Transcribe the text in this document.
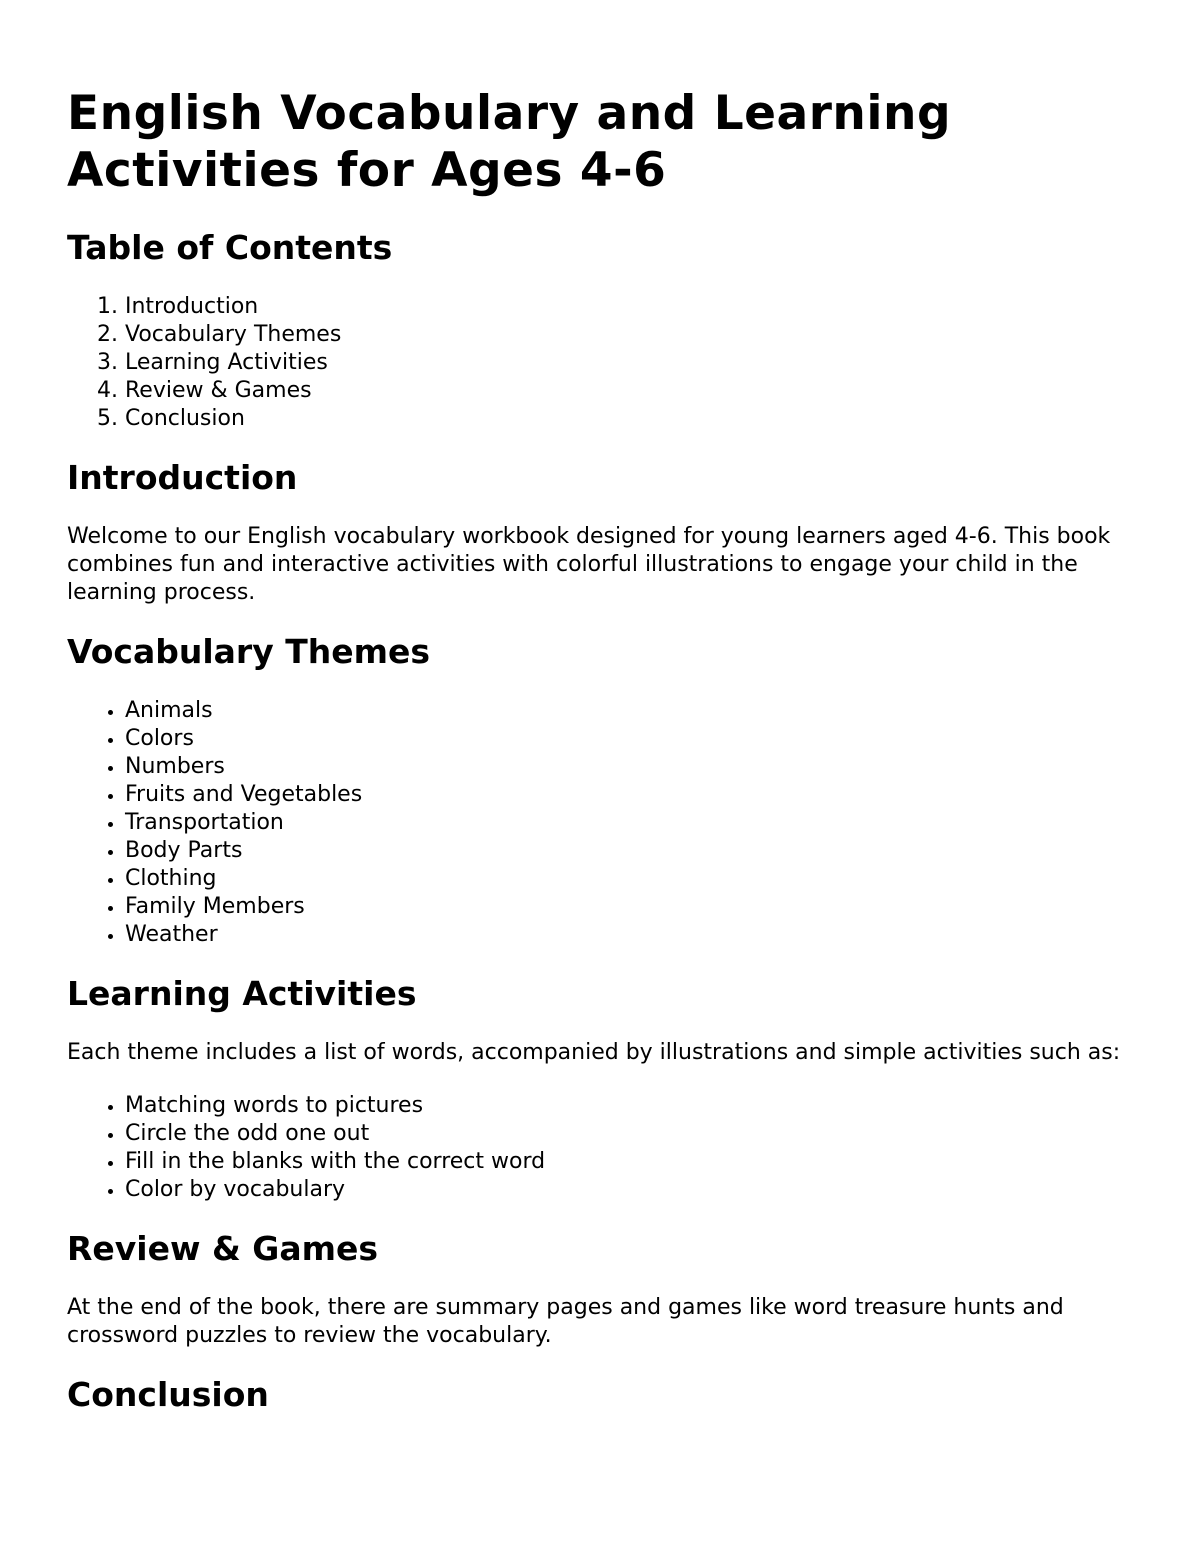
English Vocabulary and Learning Activities for Ages 4-6
Table of Contents
1. Introduction
2. Vocabulary Themes
3. Learning Activities
4. Review & Games
5. Conclusion
Introduction

Welcome to our English vocabulary workbook designed for young learners aged 4-6. This book combines fun and interactive activities with colorful illustrations to engage your child in the learning process.

Vocabulary Themes
• Animals
• Colors
• Numbers
• Fruits and Vegetables
• Transportation
• Body Parts
• Clothing
• Family Members
• Weather
Learning Activities

Each theme includes a list of words, accompanied by illustrations and simple activities such as:

• Matching words to pictures
• Circle the odd one out
• Fill in the blanks with the correct word
• Color by vocabulary
Review & Games

At the end of the book, there are summary pages and games like word treasure hunts and crossword puzzles to review the vocabulary.

Conclusion
